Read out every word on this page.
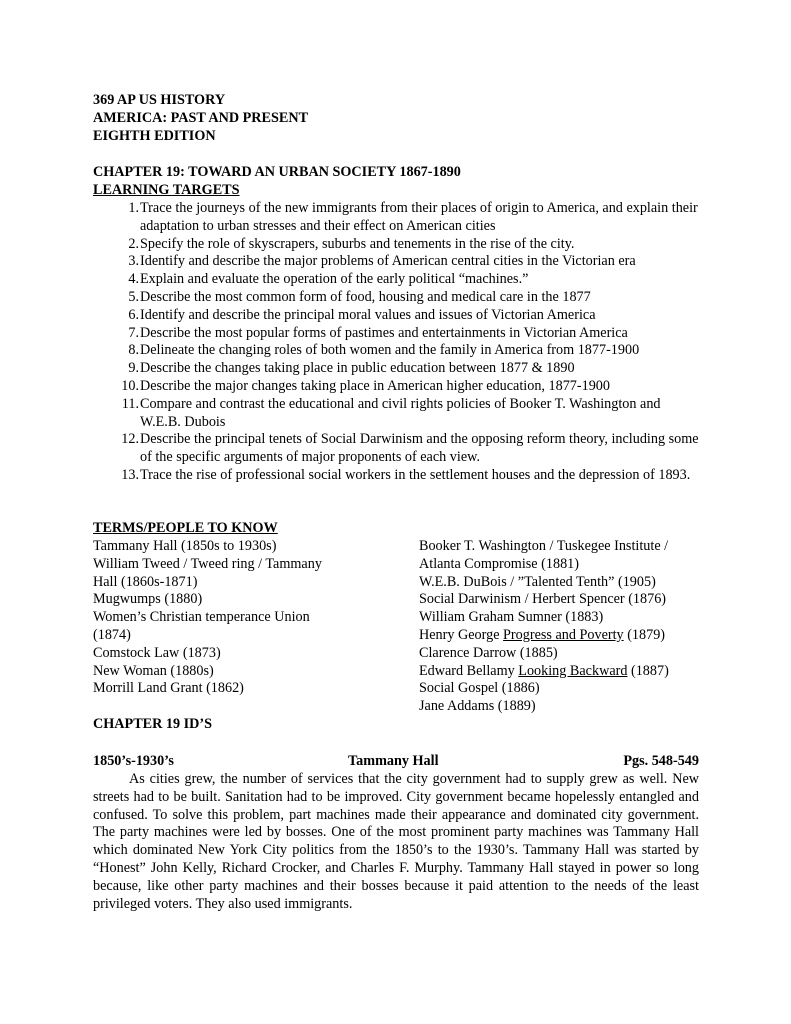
369 AP US HISTORY
AMERICA: PAST AND PRESENT
EIGHTH EDITION
CHAPTER 19: TOWARD AN URBAN SOCIETY 1867-1890
LEARNING TARGETS
1. Trace the journeys of the new immigrants from their places of origin to America, and explain their adaptation to urban stresses and their effect on American cities
2. Specify the role of skyscrapers, suburbs and tenements in the rise of the city.
3. Identify and describe the major problems of American central cities in the Victorian era
4. Explain and evaluate the operation of the early political “machines.”
5. Describe the most common form of food, housing and medical care in the 1877
6. Identify and describe the principal moral values and issues of Victorian America
7. Describe the most popular forms of pastimes and entertainments in Victorian America
8. Delineate the changing roles of both women and the family in America from 1877-1900
9. Describe the changes taking place in public education between 1877 & 1890
10. Describe the major changes taking place in American higher education, 1877-1900
11. Compare and contrast the educational and civil rights policies of Booker T. Washington and W.E.B. Dubois
12. Describe the principal tenets of Social Darwinism and the opposing reform theory, including some of the specific arguments of major proponents of each view.
13. Trace the rise of professional social workers in the settlement houses and the depression of 1893.
TERMS/PEOPLE TO KNOW
Tammany Hall (1850s to 1930s)
William Tweed / Tweed ring / Tammany
Hall (1860s-1871)
Mugwumps (1880)
Women’s Christian temperance Union
(1874)
Comstock Law (1873)
New Woman (1880s)
Morrill Land Grant (1862)
Booker T. Washington / Tuskegee Institute /
Atlanta Compromise (1881)
W.E.B. DuBois / ”Talented Tenth” (1905)
Social Darwinism / Herbert Spencer (1876)
William Graham Sumner (1883)
Henry George Progress and Poverty (1879)
Clarence Darrow (1885)
Edward Bellamy Looking Backward (1887)
Social Gospel (1886)
Jane Addams (1889)
CHAPTER 19 ID’S
1850’s-1930’s	Tammany Hall	Pgs. 548-549

As cities grew, the number of services that the city government had to supply grew as well. New streets had to be built. Sanitation had to be improved. City government became hopelessly entangled and confused. To solve this problem, part machines made their appearance and dominated city government. The party machines were led by bosses. One of the most prominent party machines was Tammany Hall which dominated New York City politics from the 1850’s to the 1930’s. Tammany Hall was started by “Honest” John Kelly, Richard Crocker, and Charles F. Murphy. Tammany Hall stayed in power so long because, like other party machines and their bosses because it paid attention to the needs of the least privileged voters. They also used immigrants.
